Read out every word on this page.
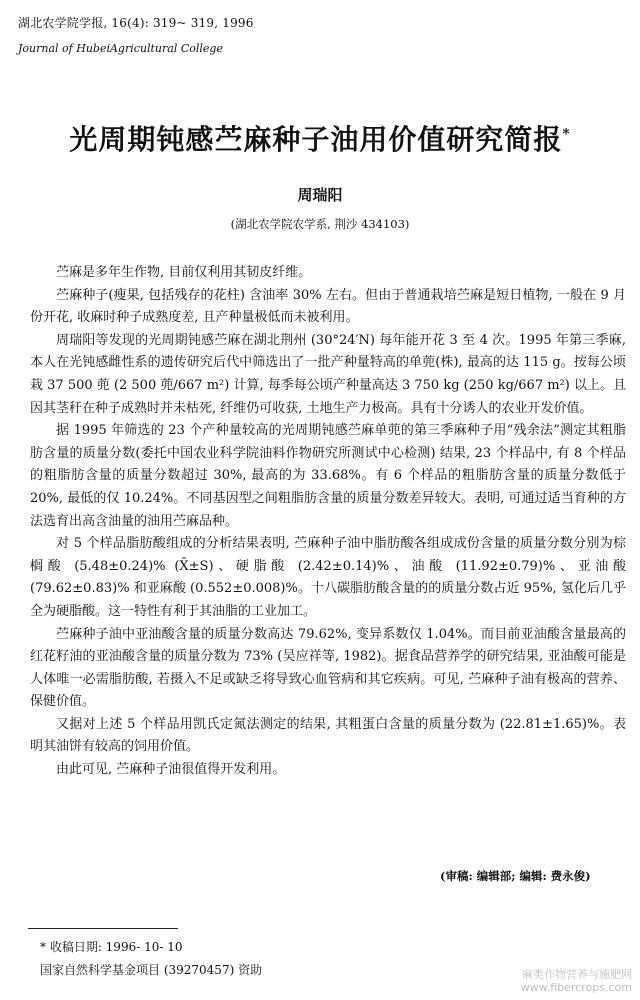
湖北农学院学报, 16(4): 319~ 319, 1996
Journal of HubeiAgricultural College
光周期钝感苎麻种子油用价值研究简报*
周瑞阳
(湖北农学院农学系, 荆沙 434103)

苎麻是多年生作物, 目前仅利用其韧皮纤维。

苎麻种子(瘦果, 包括残存的花柱) 含油率 30% 左右。但由于普通栽培苎麻是短日植物, 一般在 9 月份开花, 收麻时种子成熟度差, 且产种量极低而未被利用。

周瑞阳等发现的光周期钝感苎麻在湖北荆州 (30°24′N) 每年能开花 3 至 4 次。1995 年第三季麻, 本人在光钝感雌性系的遗传研究后代中筛选出了一批产种量特高的单蔸(株), 最高的达 115 g。按每公顷栽 37 500 蔸 (2 500 蔸/667 m²) 计算, 每季每公顷产种量高达 3 750 kg (250 kg/667 m²) 以上。且因其茎秆在种子成熟时并未枯死, 纤维仍可收获, 土地生产力极高。具有十分诱人的农业开发价值。

据 1995 年筛选的 23 个产种量较高的光周期钝感苎麻单蔸的第三季麻种子用“残余法”测定其粗脂肪含量的质量分数(委托中国农业科学院油料作物研究所测试中心检测) 结果, 23 个样品中, 有 8 个样品的粗脂肪含量的质量分数超过 30%, 最高的为 33.68%。有 6 个样品的粗脂肪含量的质量分数低于 20%, 最低的仅 10.24%。不同基因型之间粗脂肪含量的质量分数差异较大。表明, 可通过适当育种的方法选育出高含油量的油用苎麻品种。

对 5 个样品脂肪酸组成的分析结果表明, 苎麻种子油中脂肪酸各组成成份含量的质量分数分别为棕榈酸 (5.48±0.24)% (X̄±S)、硬脂酸 (2.42±0.14)%、油酸 (11.92±0.79)%、亚油酸 (79.62±0.83)% 和亚麻酸 (0.552±0.008)%。十八碳脂肪酸含量的的质量分数占近 95%, 氢化后几乎全为硬脂酸。这一特性有利于其油脂的工业加工。

苎麻种子油中亚油酸含量的质量分数高达 79.62%, 变异系数仅 1.04%。而目前亚油酸含量最高的红花籽油的亚油酸含量的质量分数为 73% (吴应祥等, 1982)。据食品营养学的研究结果, 亚油酸可能是人体唯一必需脂肪酸, 若摄入不足或缺乏将导致心血管病和其它疾病。可见, 苎麻种子油有极高的营养、保健价值。

又据对上述 5 个样品用凯氏定氮法测定的结果, 其粗蛋白含量的质量分数为 (22.81±1.65)%。表明其油饼有较高的饲用价值。

由此可见, 苎麻种子油很值得开发利用。

(审稿: 编辑部; 编辑: 费永俊)
* 收稿日期: 1996- 10- 10
国家自然科学基金项目 (39270457) 资助	麻类作物营养与施肥网
www.fibercrops.com
